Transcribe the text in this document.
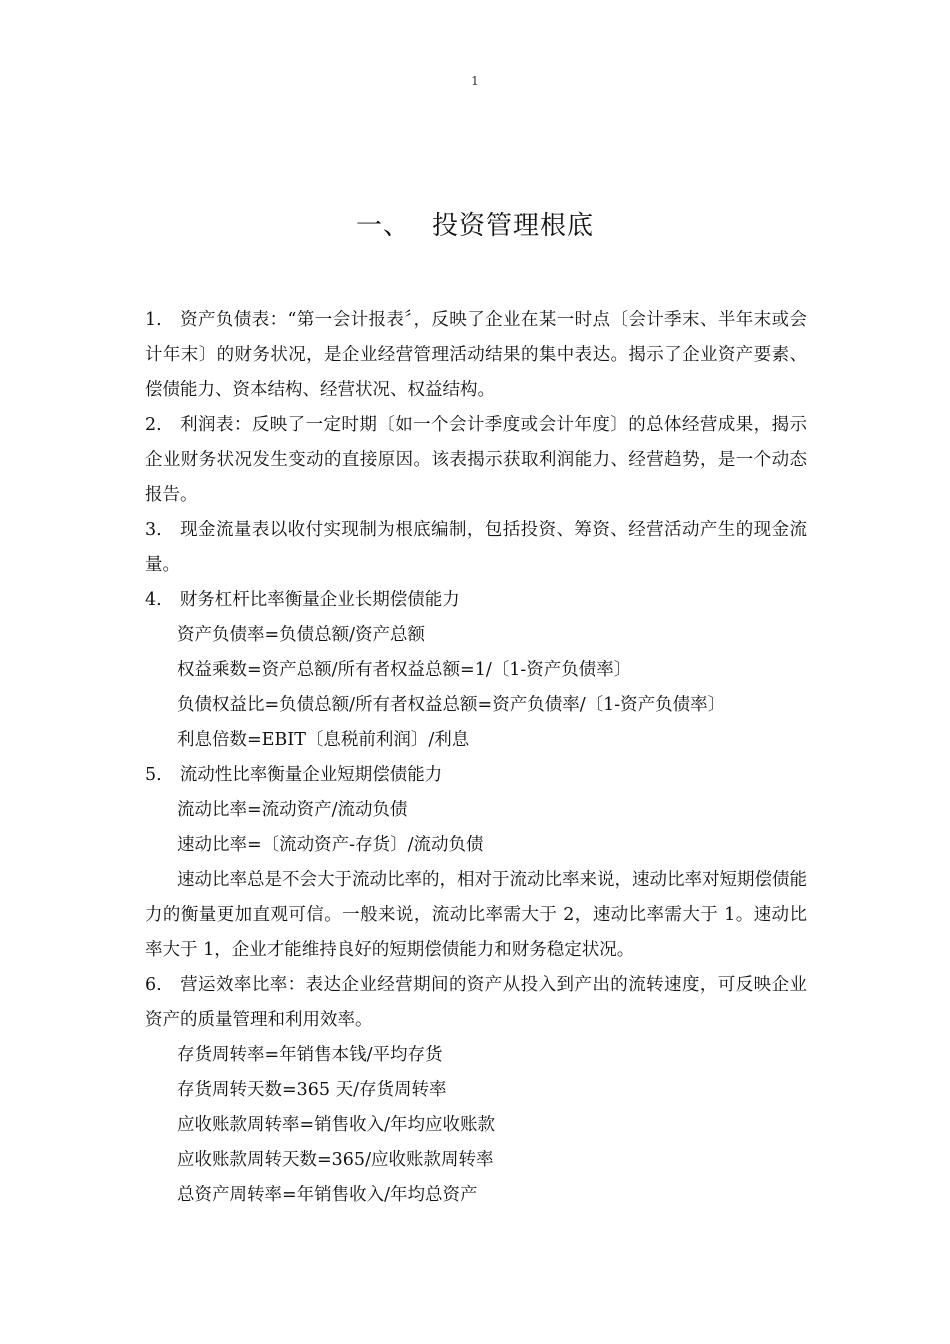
1
一、 投资管理根底

1. 资产负债表：“第一会计报表〞，反映了企业在某一时点〔会计季末、半年末或会计年末〕的财务状况，是企业经营管理活动结果的集中表达。揭示了企业资产要素、偿债能力、资本结构、经营状况、权益结构。

2. 利润表：反映了一定时期〔如一个会计季度或会计年度〕的总体经营成果，揭示企业财务状况发生变动的直接原因。该表揭示获取利润能力、经营趋势，是一个动态报告。

3. 现金流量表以收付实现制为根底编制，包括投资、筹资、经营活动产生的现金流量。

4. 财务杠杆比率衡量企业长期偿债能力

资产负债率=负债总额/资产总额

权益乘数=资产总额/所有者权益总额=1/〔1-资产负债率〕

负债权益比=负债总额/所有者权益总额=资产负债率/〔1-资产负债率〕

利息倍数=EBIT〔息税前利润〕/利息

5. 流动性比率衡量企业短期偿债能力

流动比率=流动资产/流动负债

速动比率=〔流动资产-存货〕/流动负债

速动比率总是不会大于流动比率的，相对于流动比率来说，速动比率对短期偿债能力的衡量更加直观可信。一般来说，流动比率需大于 2，速动比率需大于 1。速动比率大于 1，企业才能维持良好的短期偿债能力和财务稳定状况。

6. 营运效率比率：表达企业经营期间的资产从投入到产出的流转速度，可反映企业资产的质量管理和利用效率。

存货周转率=年销售本钱/平均存货

存货周转天数=365 天/存货周转率

应收账款周转率=销售收入/年均应收账款

应收账款周转天数=365/应收账款周转率

总资产周转率=年销售收入/年均总资产
